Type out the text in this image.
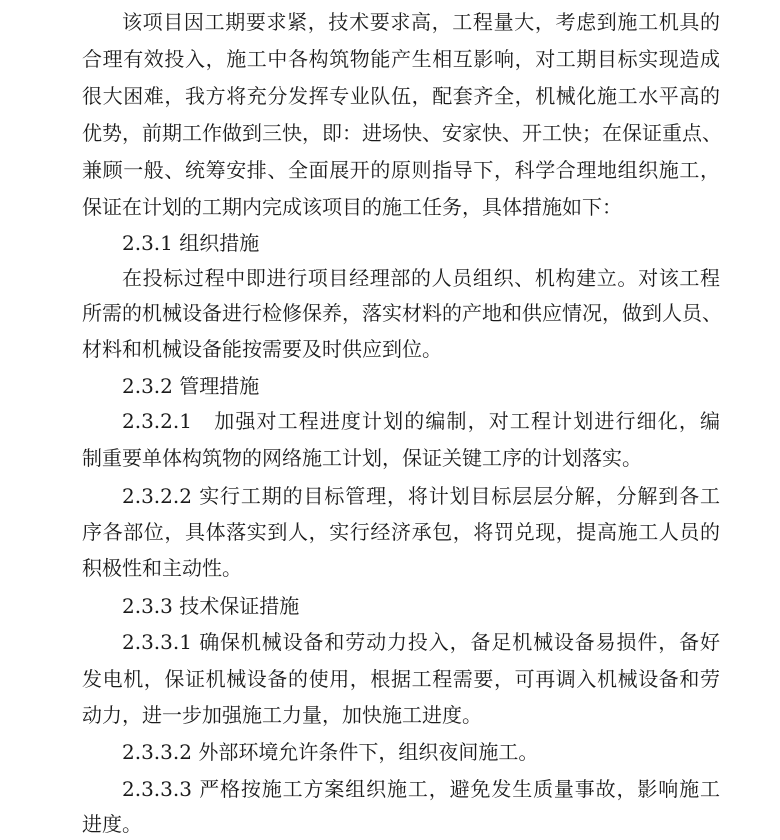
该项目因工期要求紧，技术要求高，工程量大，考虑到施工机具的
合理有效投入，施工中各构筑物能产生相互影响，对工期目标实现造成
很大困难，我方将充分发挥专业队伍，配套齐全，机械化施工水平高的
优势，前期工作做到三快，即：进场快、安家快、开工快；在保证重点、
兼顾一般、统筹安排、全面展开的原则指导下，科学合理地组织施工，
保证在计划的工期内完成该项目的施工任务，具体措施如下：
2.3.1 组织措施
在投标过程中即进行项目经理部的人员组织、机构建立。对该工程
所需的机械设备进行检修保养，落实材料的产地和供应情况，做到人员、
材料和机械设备能按需要及时供应到位。
2.3.2 管理措施
2.3.2.1　加强对工程进度计划的编制，对工程计划进行细化，编
制重要单体构筑物的网络施工计划，保证关键工序的计划落实。
2.3.2.2 实行工期的目标管理，将计划目标层层分解，分解到各工
序各部位，具体落实到人，实行经济承包，将罚兑现，提高施工人员的
积极性和主动性。
2.3.3 技术保证措施
2.3.3.1 确保机械设备和劳动力投入，备足机械设备易损件，备好
发电机，保证机械设备的使用，根据工程需要，可再调入机械设备和劳
动力，进一步加强施工力量，加快施工进度。
2.3.3.2 外部环境允许条件下，组织夜间施工。
2.3.3.3 严格按施工方案组织施工，避免发生质量事故，影响施工
进度。
